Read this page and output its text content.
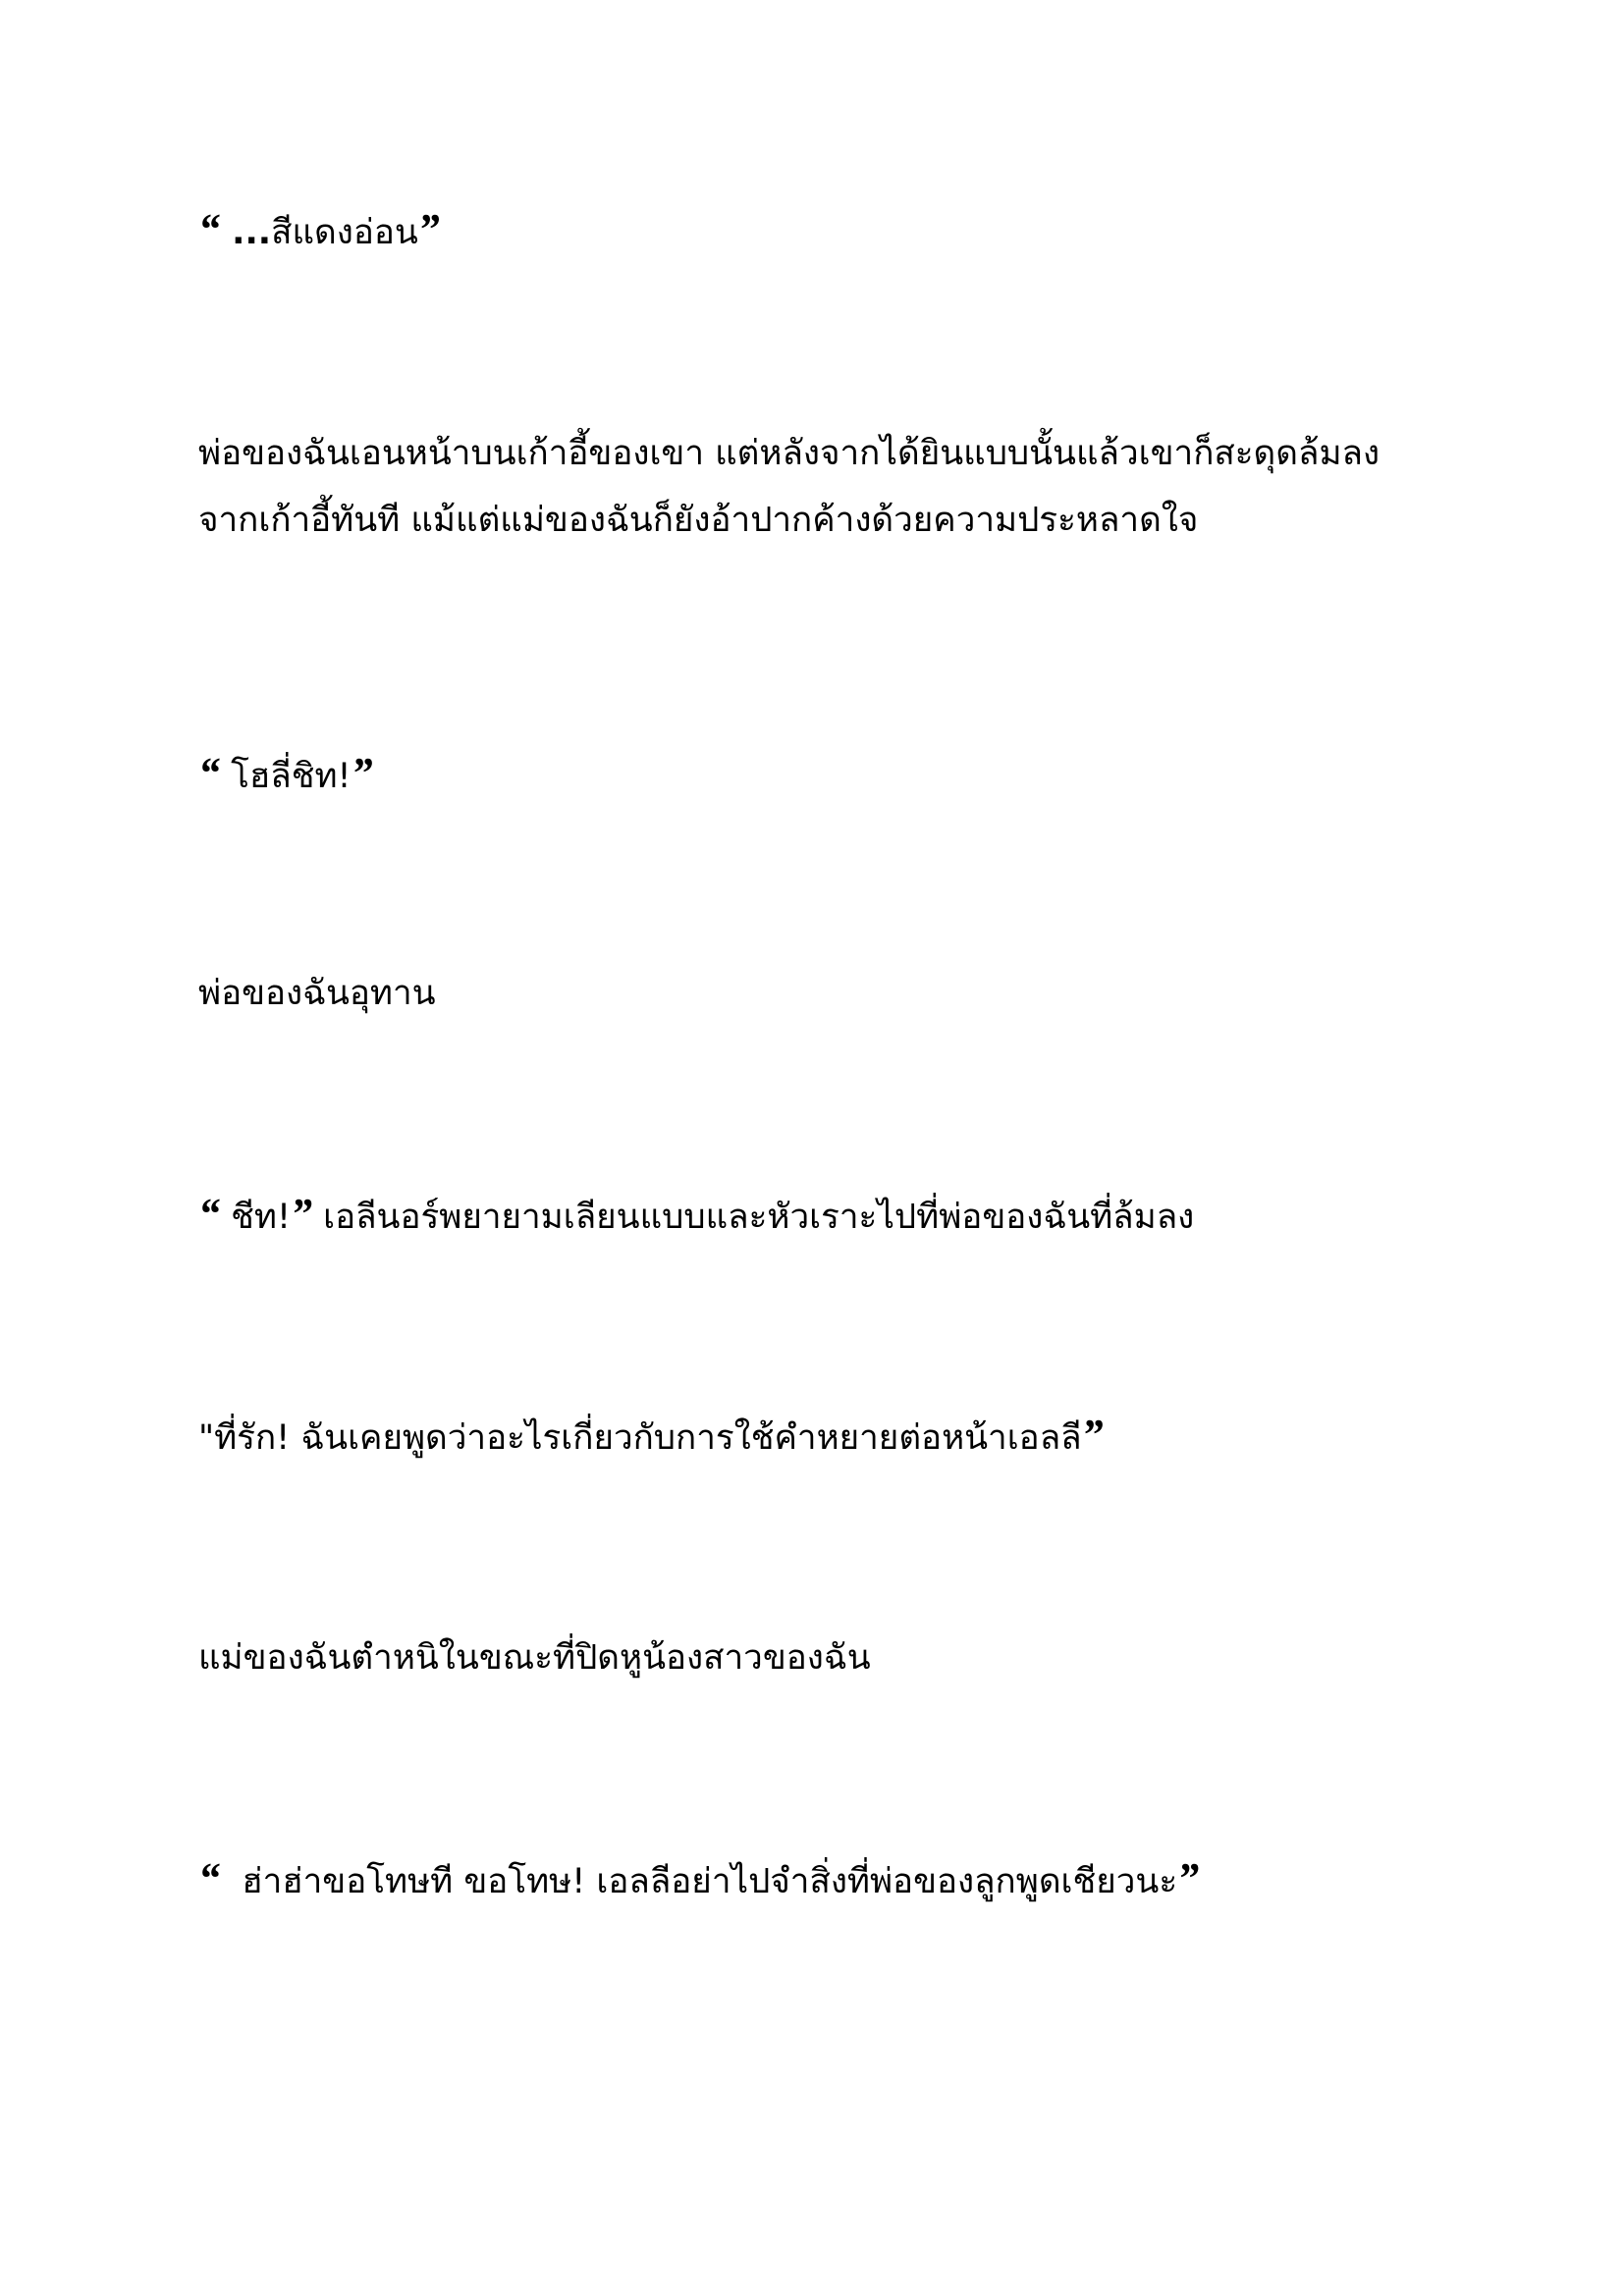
“ ...สีแดงอ่อน”

พ่อของฉันเอนหน้าบนเก้าอี้ของเขา แต่หลังจากได้ยินแบบนั้นแล้วเขาก็สะดุดล้มลง
จากเก้าอี้ทันที แม้แต่แม่ของฉันก็ยังอ้าปากค้างด้วยความประหลาดใจ

“ โฮลี่ชิท!”

พ่อของฉันอุทาน

“ ชีท!” เอลีนอร์พยายามเลียนแบบและหัวเราะไปที่พ่อของฉันที่ล้มลง

"ที่รัก! ฉันเคยพูดว่าอะไรเกี่ยวกับการใช้คำหยายต่อหน้าเอลลี”

แม่ของฉันตำหนิในขณะที่ปิดหูน้องสาวของฉัน

“  ฮ่าฮ่าขอโทษที ขอโทษ! เอลลีอย่าไปจำสิ่งที่พ่อของลูกพูดเชียวนะ”
